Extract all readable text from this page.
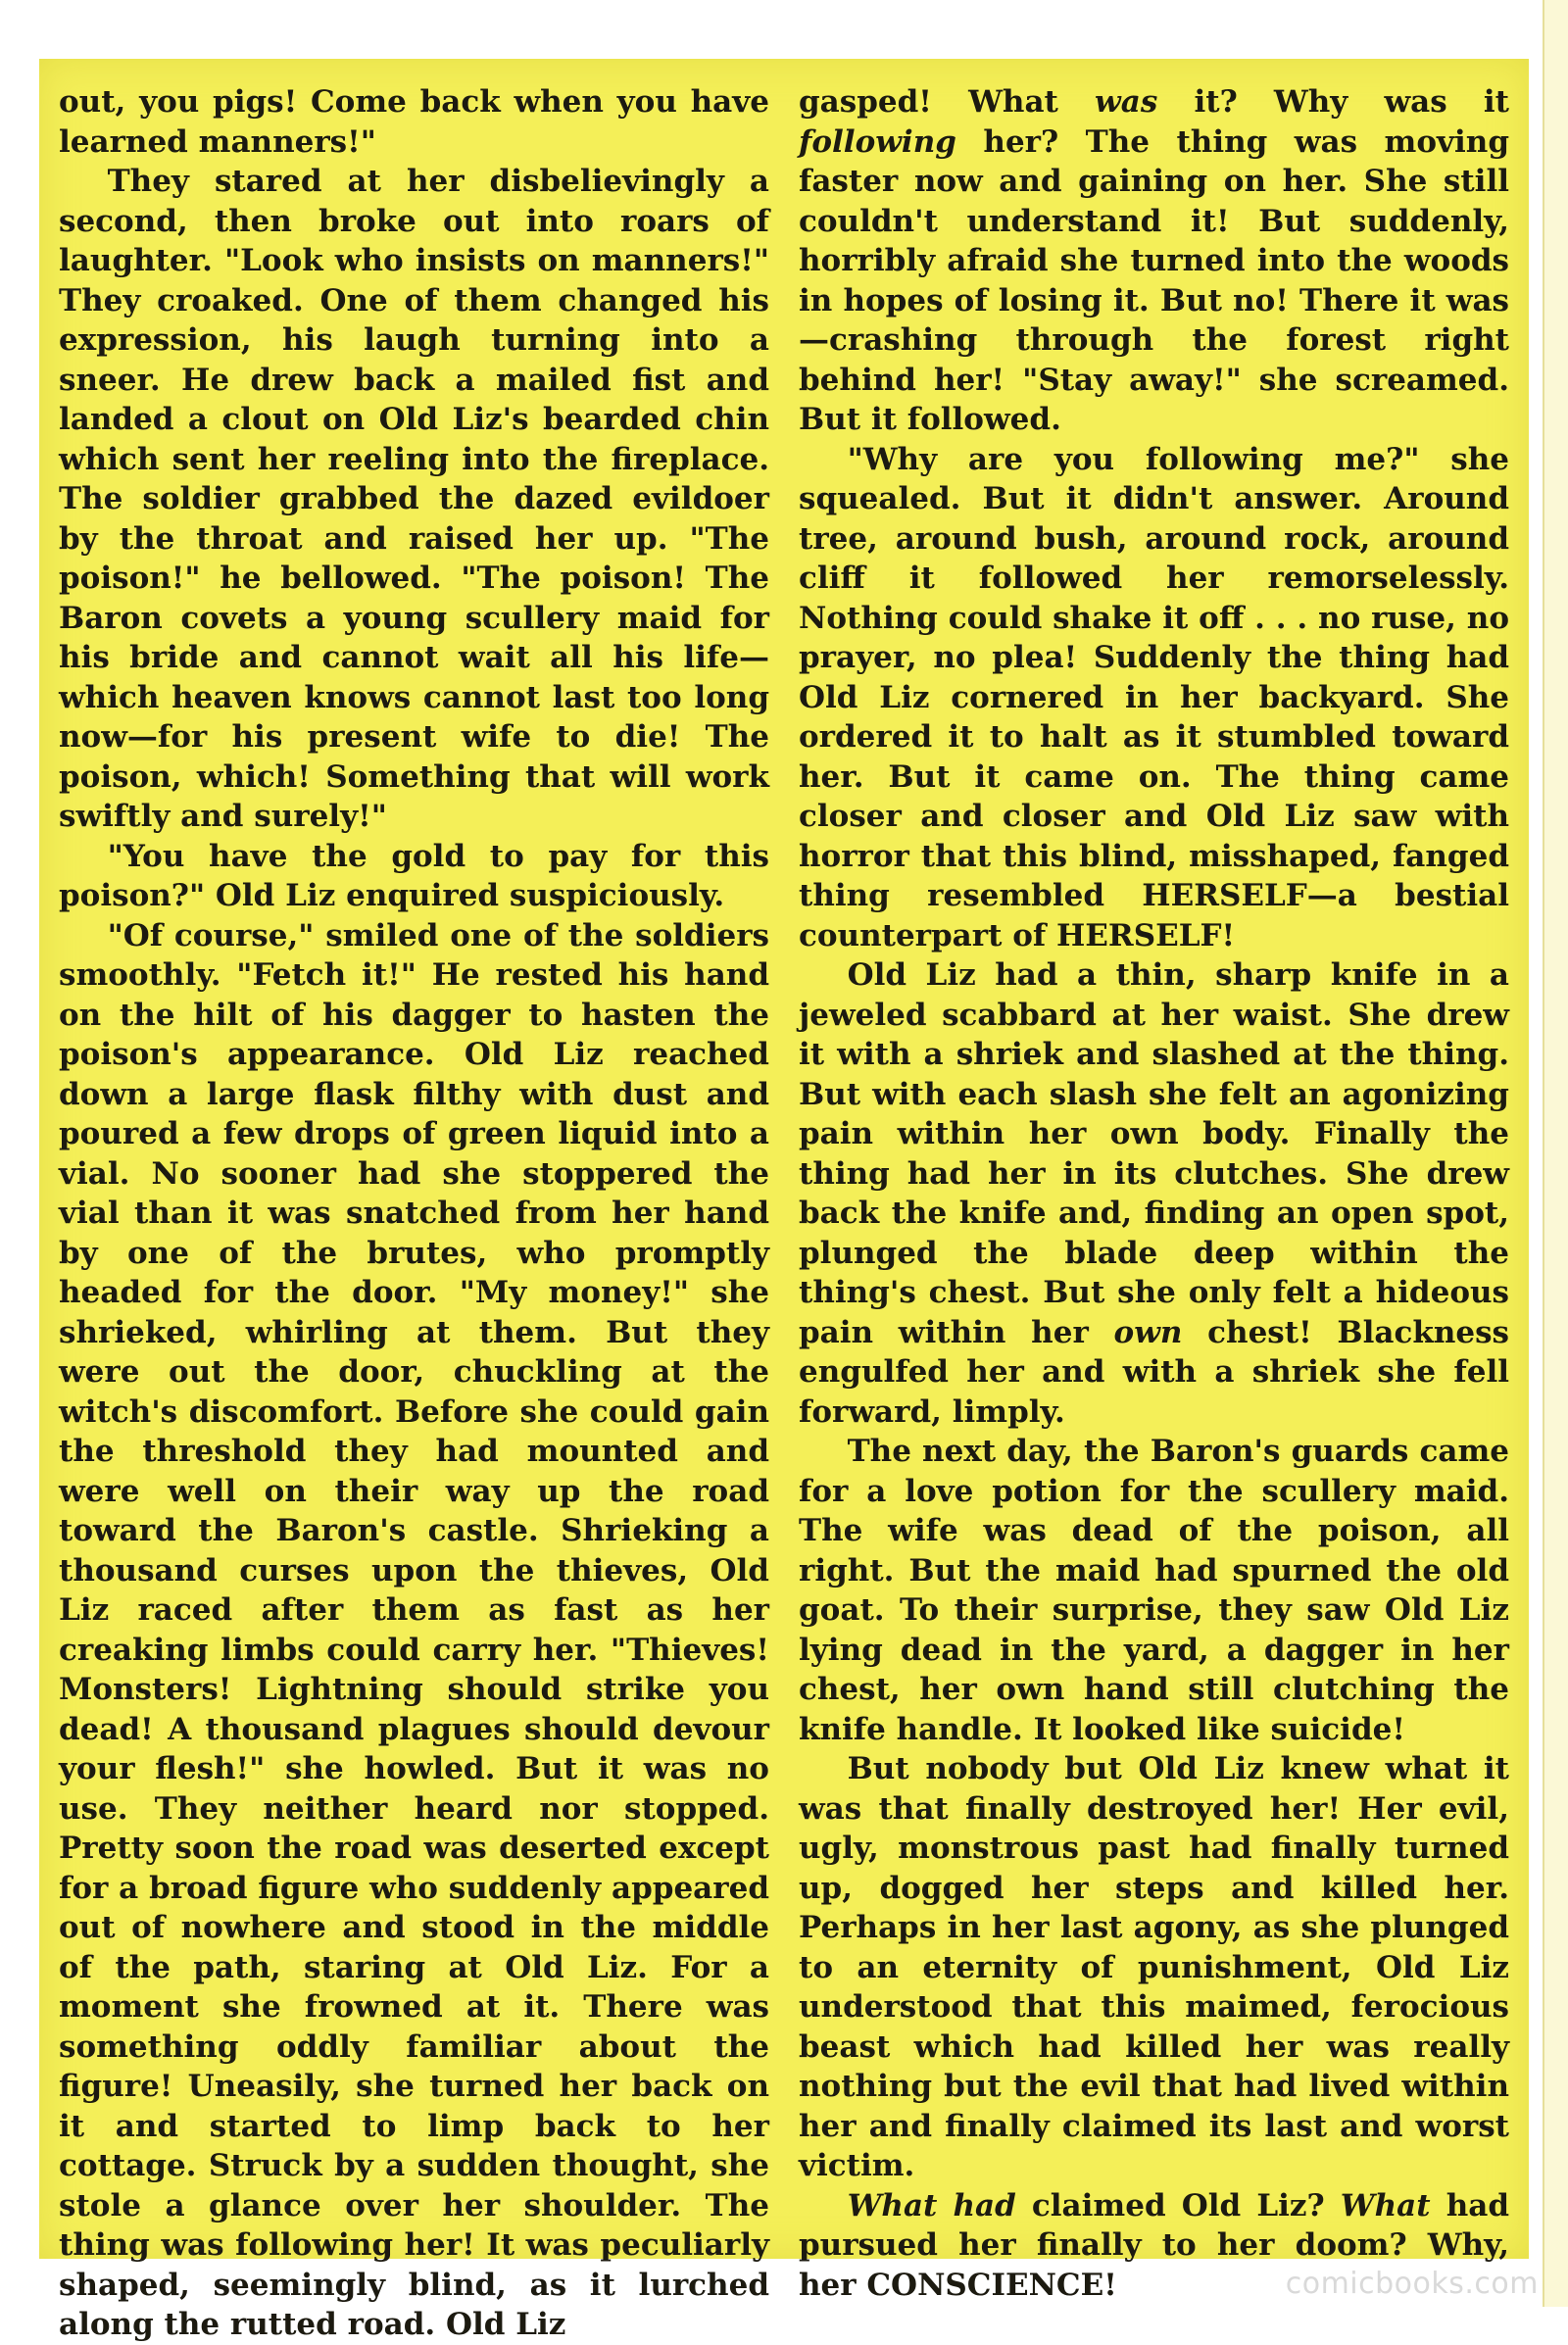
out, you pigs! Come back when you have learned manners!"

They stared at her disbelievingly a second, then broke out into roars of laughter. "Look who insists on manners!" They croaked. One of them changed his expression, his laugh turning into a sneer. He drew back a mailed fist and landed a clout on Old Liz's bearded chin which sent her reeling into the fireplace. The soldier grabbed the dazed evildoer by the throat and raised her up. "The poison!" he bellowed. "The poison! The Baron covets a young scullery maid for his bride and cannot wait all his life—which heaven knows cannot last too long now—for his present wife to die! The poison, which! Something that will work swiftly and surely!"

"You have the gold to pay for this poison?" Old Liz enquired suspiciously.

"Of course," smiled one of the soldiers smoothly. "Fetch it!" He rested his hand on the hilt of his dagger to hasten the poison's appearance. Old Liz reached down a large flask filthy with dust and poured a few drops of green liquid into a vial. No sooner had she stoppered the vial than it was snatched from her hand by one of the brutes, who promptly headed for the door. "My money!" she shrieked, whirling at them. But they were out the door, chuckling at the witch's discomfort. Before she could gain the threshold they had mounted and were well on their way up the road toward the Baron's castle. Shrieking a thousand curses upon the thieves, Old Liz raced after them as fast as her creaking limbs could carry her. "Thieves! Monsters! Lightning should strike you dead! A thousand plagues should devour your flesh!" she howled. But it was no use. They neither heard nor stopped. Pretty soon the road was deserted except for a broad figure who suddenly appeared out of nowhere and stood in the middle of the path, staring at Old Liz. For a moment she frowned at it. There was something oddly familiar about the figure! Uneasily, she turned her back on it and started to limp back to her cottage. Struck by a sudden thought, she stole a glance over her shoulder. The thing was following her! It was peculiarly shaped, seemingly blind, as it lurched along the rutted road. Old Liz

gasped! What was it? Why was it following her? The thing was moving faster now and gaining on her. She still couldn't understand it! But suddenly, horribly afraid she turned into the woods in hopes of losing it. But no! There it was—crashing through the forest right behind her! "Stay away!" she screamed. But it followed.

"Why are you following me?" she squealed. But it didn't answer. Around tree, around bush, around rock, around cliff it followed her remorselessly. Nothing could shake it off . . . no ruse, no prayer, no plea! Suddenly the thing had Old Liz cornered in her backyard. She ordered it to halt as it stumbled toward her. But it came on. The thing came closer and closer and Old Liz saw with horror that this blind, misshaped, fanged thing resembled HERSELF—a bestial counterpart of HERSELF!

Old Liz had a thin, sharp knife in a jeweled scabbard at her waist. She drew it with a shriek and slashed at the thing. But with each slash she felt an agonizing pain within her own body. Finally the thing had her in its clutches. She drew back the knife and, finding an open spot, plunged the blade deep within the thing's chest. But she only felt a hideous pain within her own chest! Blackness engulfed her and with a shriek she fell forward, limply.

The next day, the Baron's guards came for a love potion for the scullery maid. The wife was dead of the poison, all right. But the maid had spurned the old goat. To their surprise, they saw Old Liz lying dead in the yard, a dagger in her chest, her own hand still clutching the knife handle. It looked like suicide!

But nobody but Old Liz knew what it was that finally destroyed her! Her evil, ugly, monstrous past had finally turned up, dogged her steps and killed her. Perhaps in her last agony, as she plunged to an eternity of punishment, Old Liz understood that this maimed, ferocious beast which had killed her was really nothing but the evil that had lived within her and finally claimed its last and worst victim.

What had claimed Old Liz? What had pursued her finally to her doom? Why, her CONSCIENCE!	comicbooks.com
